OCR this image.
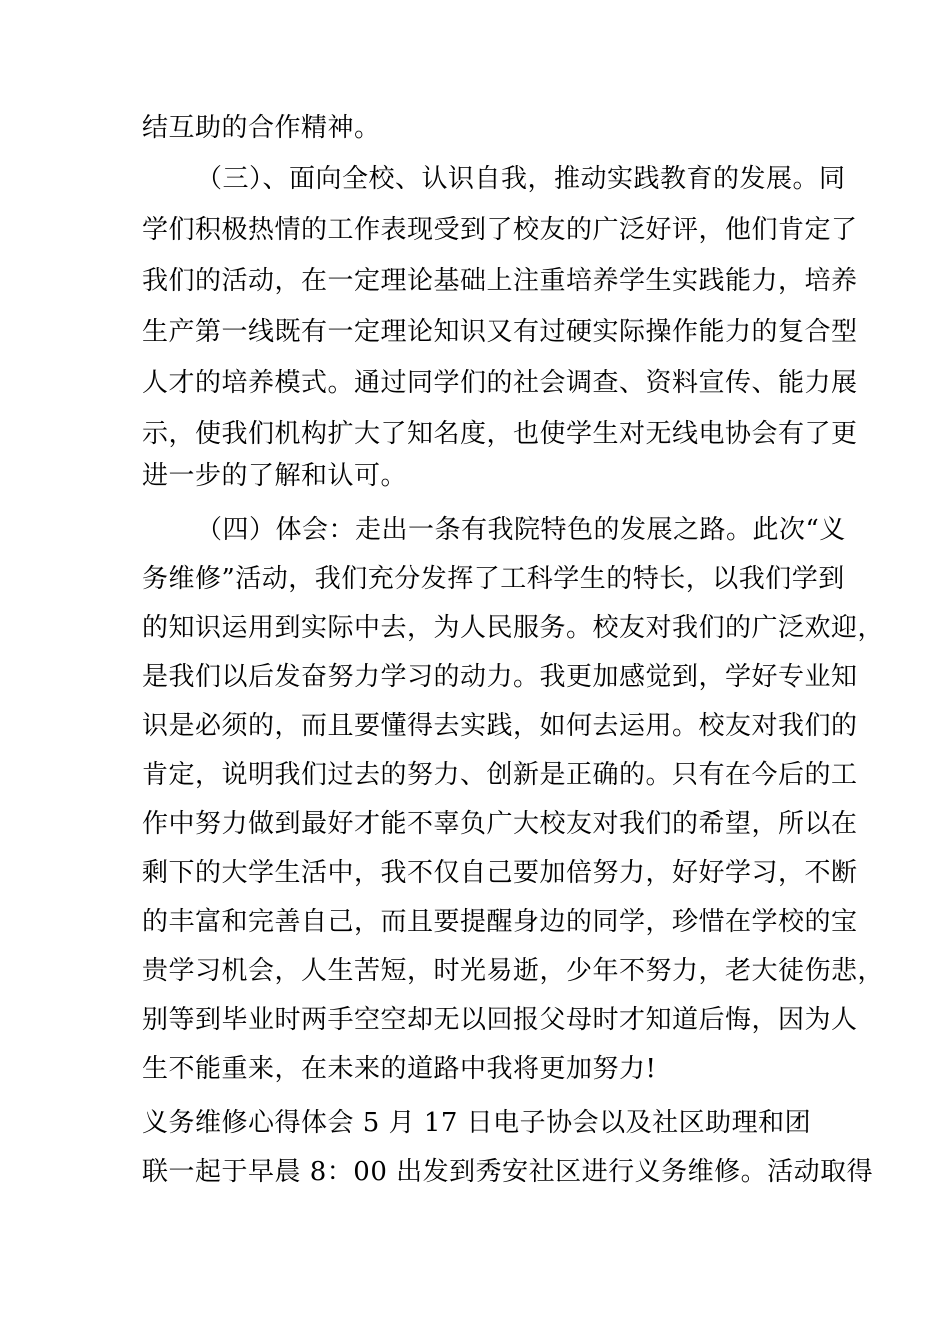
结互助的合作精神。
（三）、面向全校、认识自我，推动实践教育的发展。同
学们积极热情的工作表现受到了校友的广泛好评，他们肯定了
我们的活动，在一定理论基础上注重培养学生实践能力，培养
生产第一线既有一定理论知识又有过硬实际操作能力的复合型
人才的培养模式。通过同学们的社会调查、资料宣传、能力展
示，使我们机构扩大了知名度，也使学生对无线电协会有了更
进一步的了解和认可。
（四）体会：走出一条有我院特色的发展之路。此次“义
务维修”活动，我们充分发挥了工科学生的特长，以我们学到
的知识运用到实际中去，为人民服务。校友对我们的广泛欢迎，
是我们以后发奋努力学习的动力。我更加感觉到，学好专业知
识是必须的，而且要懂得去实践，如何去运用。校友对我们的
肯定，说明我们过去的努力、创新是正确的。只有在今后的工
作中努力做到最好才能不辜负广大校友对我们的希望，所以在
剩下的大学生活中，我不仅自己要加倍努力，好好学习，不断
的丰富和完善自己，而且要提醒身边的同学，珍惜在学校的宝
贵学习机会，人生苦短，时光易逝，少年不努力，老大徒伤悲，
别等到毕业时两手空空却无以回报父母时才知道后悔，因为人
生不能重来，在未来的道路中我将更加努力!
义务维修心得体会 5 月 17 日电子协会以及社区助理和团
联一起于早晨 8：00 出发到秀安社区进行义务维修。活动取得
